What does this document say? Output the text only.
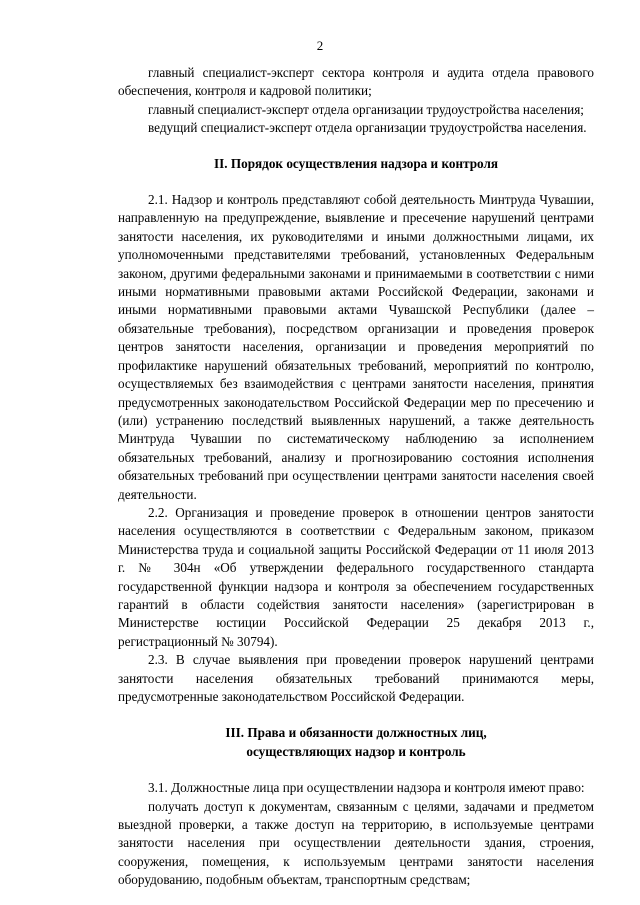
2

главный специалист-эксперт сектора контроля и аудита отдела правового обеспечения, контроля и кадровой политики;

главный специалист-эксперт отдела организации трудоустройства населения;

ведущий специалист-эксперт отдела организации трудоустройства населения.

II. Порядок осуществления надзора и контроля

2.1. Надзор и контроль представляют собой деятельность Минтруда Чувашии, направленную на предупреждение, выявление и пресечение нарушений центрами занятости населения, их руководителями и иными должностными лицами, их уполномоченными представителями требований, установленных Федеральным законом, другими федеральными законами и принимаемыми в соответствии с ними иными нормативными правовыми актами Российской Федерации, законами и иными нормативными правовыми актами Чувашской Республики (далее – обязательные требования), посредством организации и проведения проверок центров занятости населения, организации и проведения мероприятий по профилактике нарушений обязательных требований, мероприятий по контролю, осуществляемых без взаимодействия с центрами занятости населения, принятия предусмотренных законодательством Российской Федерации мер по пресечению и (или) устранению последствий выявленных нарушений, а также деятельность Минтруда Чувашии по систематическому наблюдению за исполнением обязательных требований, анализу и прогнозированию состояния исполнения обязательных требований при осуществлении центрами занятости населения своей деятельности.

2.2. Организация и проведение проверок в отношении центров занятости населения осуществляются в соответствии с Федеральным законом, приказом Министерства труда и социальной защиты Российской Федерации от 11 июля 2013 г. № 304н «Об утверждении федерального государственного стандарта государственной функции надзора и контроля за обеспечением государственных гарантий в области содействия занятости населения» (зарегистрирован в Министерстве юстиции Российской Федерации 25 декабря 2013 г., регистрационный № 30794).

2.3. В случае выявления при проведении проверок нарушений центрами занятости населения обязательных требований принимаются меры, предусмотренные законодательством Российской Федерации.

III. Права и обязанности должностных лиц,
осуществляющих надзор и контроль

3.1. Должностные лица при осуществлении надзора и контроля имеют право:

получать доступ к документам, связанным с целями, задачами и предметом выездной проверки, а также доступ на территорию, в используемые центрами занятости населения при осуществлении деятельности здания, строения, сооружения, помещения, к используемым центрами занятости населения оборудованию, подобным объектам, транспортным средствам;
